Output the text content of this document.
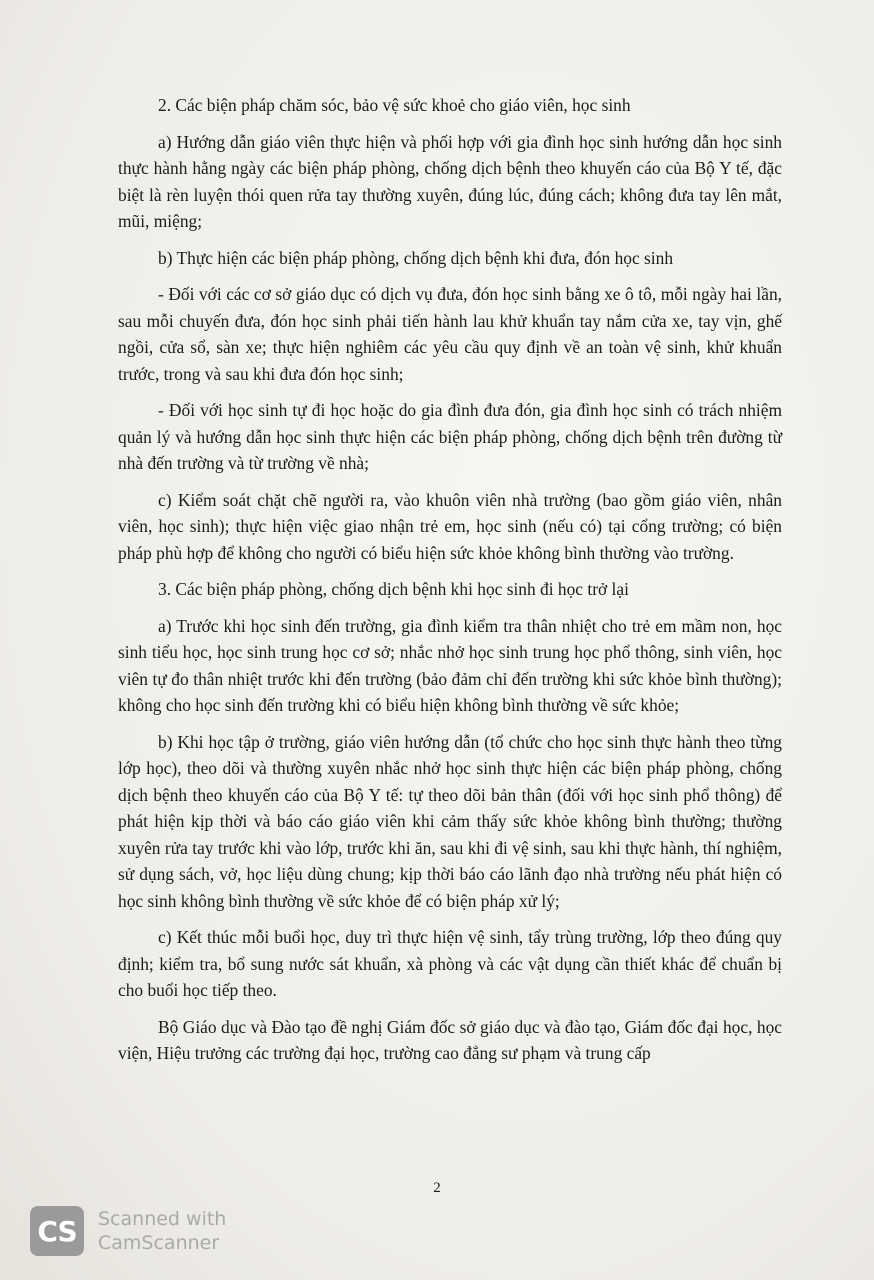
2. Các biện pháp chăm sóc, bảo vệ sức khoẻ cho giáo viên, học sinh

a) Hướng dẫn giáo viên thực hiện và phối hợp với gia đình học sinh hướng dẫn học sinh thực hành hằng ngày các biện pháp phòng, chống dịch bệnh theo khuyến cáo của Bộ Y tế, đặc biệt là rèn luyện thói quen rửa tay thường xuyên, đúng lúc, đúng cách; không đưa tay lên mắt, mũi, miệng;

b) Thực hiện các biện pháp phòng, chống dịch bệnh khi đưa, đón học sinh

- Đối với các cơ sở giáo dục có dịch vụ đưa, đón học sinh bằng xe ô tô, mỗi ngày hai lần, sau mỗi chuyến đưa, đón học sinh phải tiến hành lau khử khuẩn tay nắm cửa xe, tay vịn, ghế ngồi, cửa sổ, sàn xe; thực hiện nghiêm các yêu cầu quy định về an toàn vệ sinh, khử khuẩn trước, trong và sau khi đưa đón học sinh;

- Đối với học sinh tự đi học hoặc do gia đình đưa đón, gia đình học sinh có trách nhiệm quản lý và hướng dẫn học sinh thực hiện các biện pháp phòng, chống dịch bệnh trên đường từ nhà đến trường và từ trường về nhà;

c) Kiểm soát chặt chẽ người ra, vào khuôn viên nhà trường (bao gồm giáo viên, nhân viên, học sinh); thực hiện việc giao nhận trẻ em, học sinh (nếu có) tại cổng trường; có biện pháp phù hợp để không cho người có biểu hiện sức khỏe không bình thường vào trường.

3. Các biện pháp phòng, chống dịch bệnh khi học sinh đi học trở lại

a) Trước khi học sinh đến trường, gia đình kiểm tra thân nhiệt cho trẻ em mầm non, học sinh tiểu học, học sinh trung học cơ sở; nhắc nhở học sinh trung học phổ thông, sinh viên, học viên tự đo thân nhiệt trước khi đến trường (bảo đảm chỉ đến trường khi sức khỏe bình thường); không cho học sinh đến trường khi có biểu hiện không bình thường về sức khỏe;

b) Khi học tập ở trường, giáo viên hướng dẫn (tổ chức cho học sinh thực hành theo từng lớp học), theo dõi và thường xuyên nhắc nhở học sinh thực hiện các biện pháp phòng, chống dịch bệnh theo khuyến cáo của Bộ Y tế: tự theo dõi bản thân (đối với học sinh phổ thông) để phát hiện kịp thời và báo cáo giáo viên khi cảm thấy sức khỏe không bình thường; thường xuyên rửa tay trước khi vào lớp, trước khi ăn, sau khi đi vệ sinh, sau khi thực hành, thí nghiệm, sử dụng sách, vở, học liệu dùng chung; kịp thời báo cáo lãnh đạo nhà trường nếu phát hiện có học sinh không bình thường về sức khỏe để có biện pháp xử lý;

c) Kết thúc mỗi buổi học, duy trì thực hiện vệ sinh, tẩy trùng trường, lớp theo đúng quy định; kiểm tra, bổ sung nước sát khuẩn, xà phòng và các vật dụng cần thiết khác để chuẩn bị cho buổi học tiếp theo.

Bộ Giáo dục và Đào tạo đề nghị Giám đốc sở giáo dục và đào tạo, Giám đốc đại học, học viện, Hiệu trưởng các trường đại học, trường cao đẳng sư phạm và trung cấp

2
CS	Scanned with
CamScanner
